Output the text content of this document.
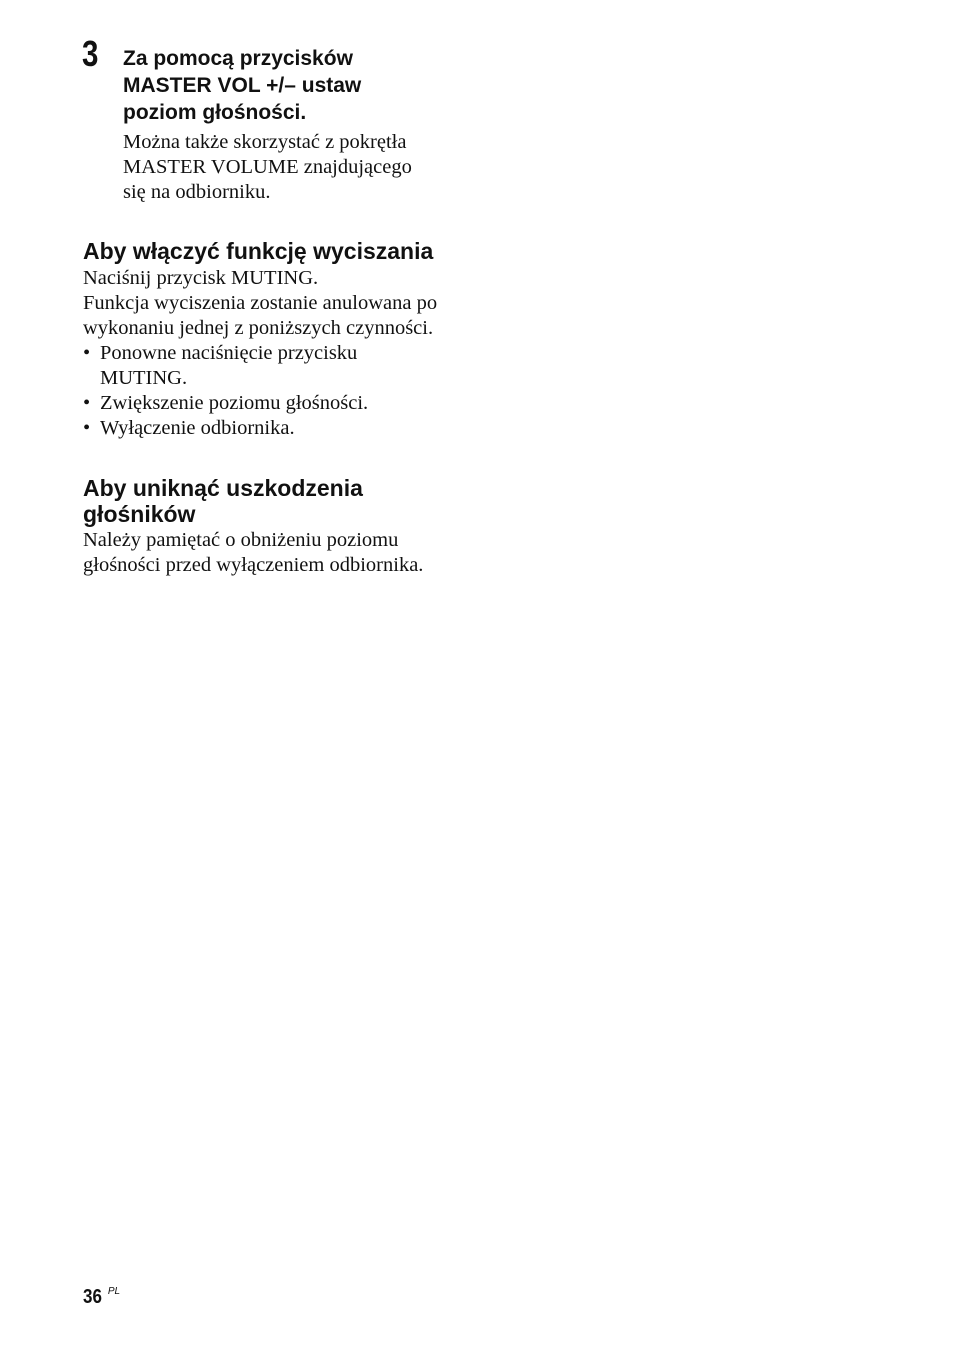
3 Za pomocą przycisków
MASTER VOL +/– ustaw
poziom głośności.
Można także skorzystać z pokrętła
MASTER VOLUME znajdującego
się na odbiorniku.
Aby włączyć funkcję wyciszania
Naciśnij przycisk MUTING.
Funkcja wyciszenia zostanie anulowana po
wykonaniu jednej z poniższych czynności.
• Ponowne naciśnięcie przycisku
MUTING.
• Zwiększenie poziomu głośności.
• Wyłączenie odbiornika.
Aby uniknąć uszkodzenia
głośników
Należy pamiętać o obniżeniu poziomu
głośności przed wyłączeniem odbiornika.
36 $^{PL}$
